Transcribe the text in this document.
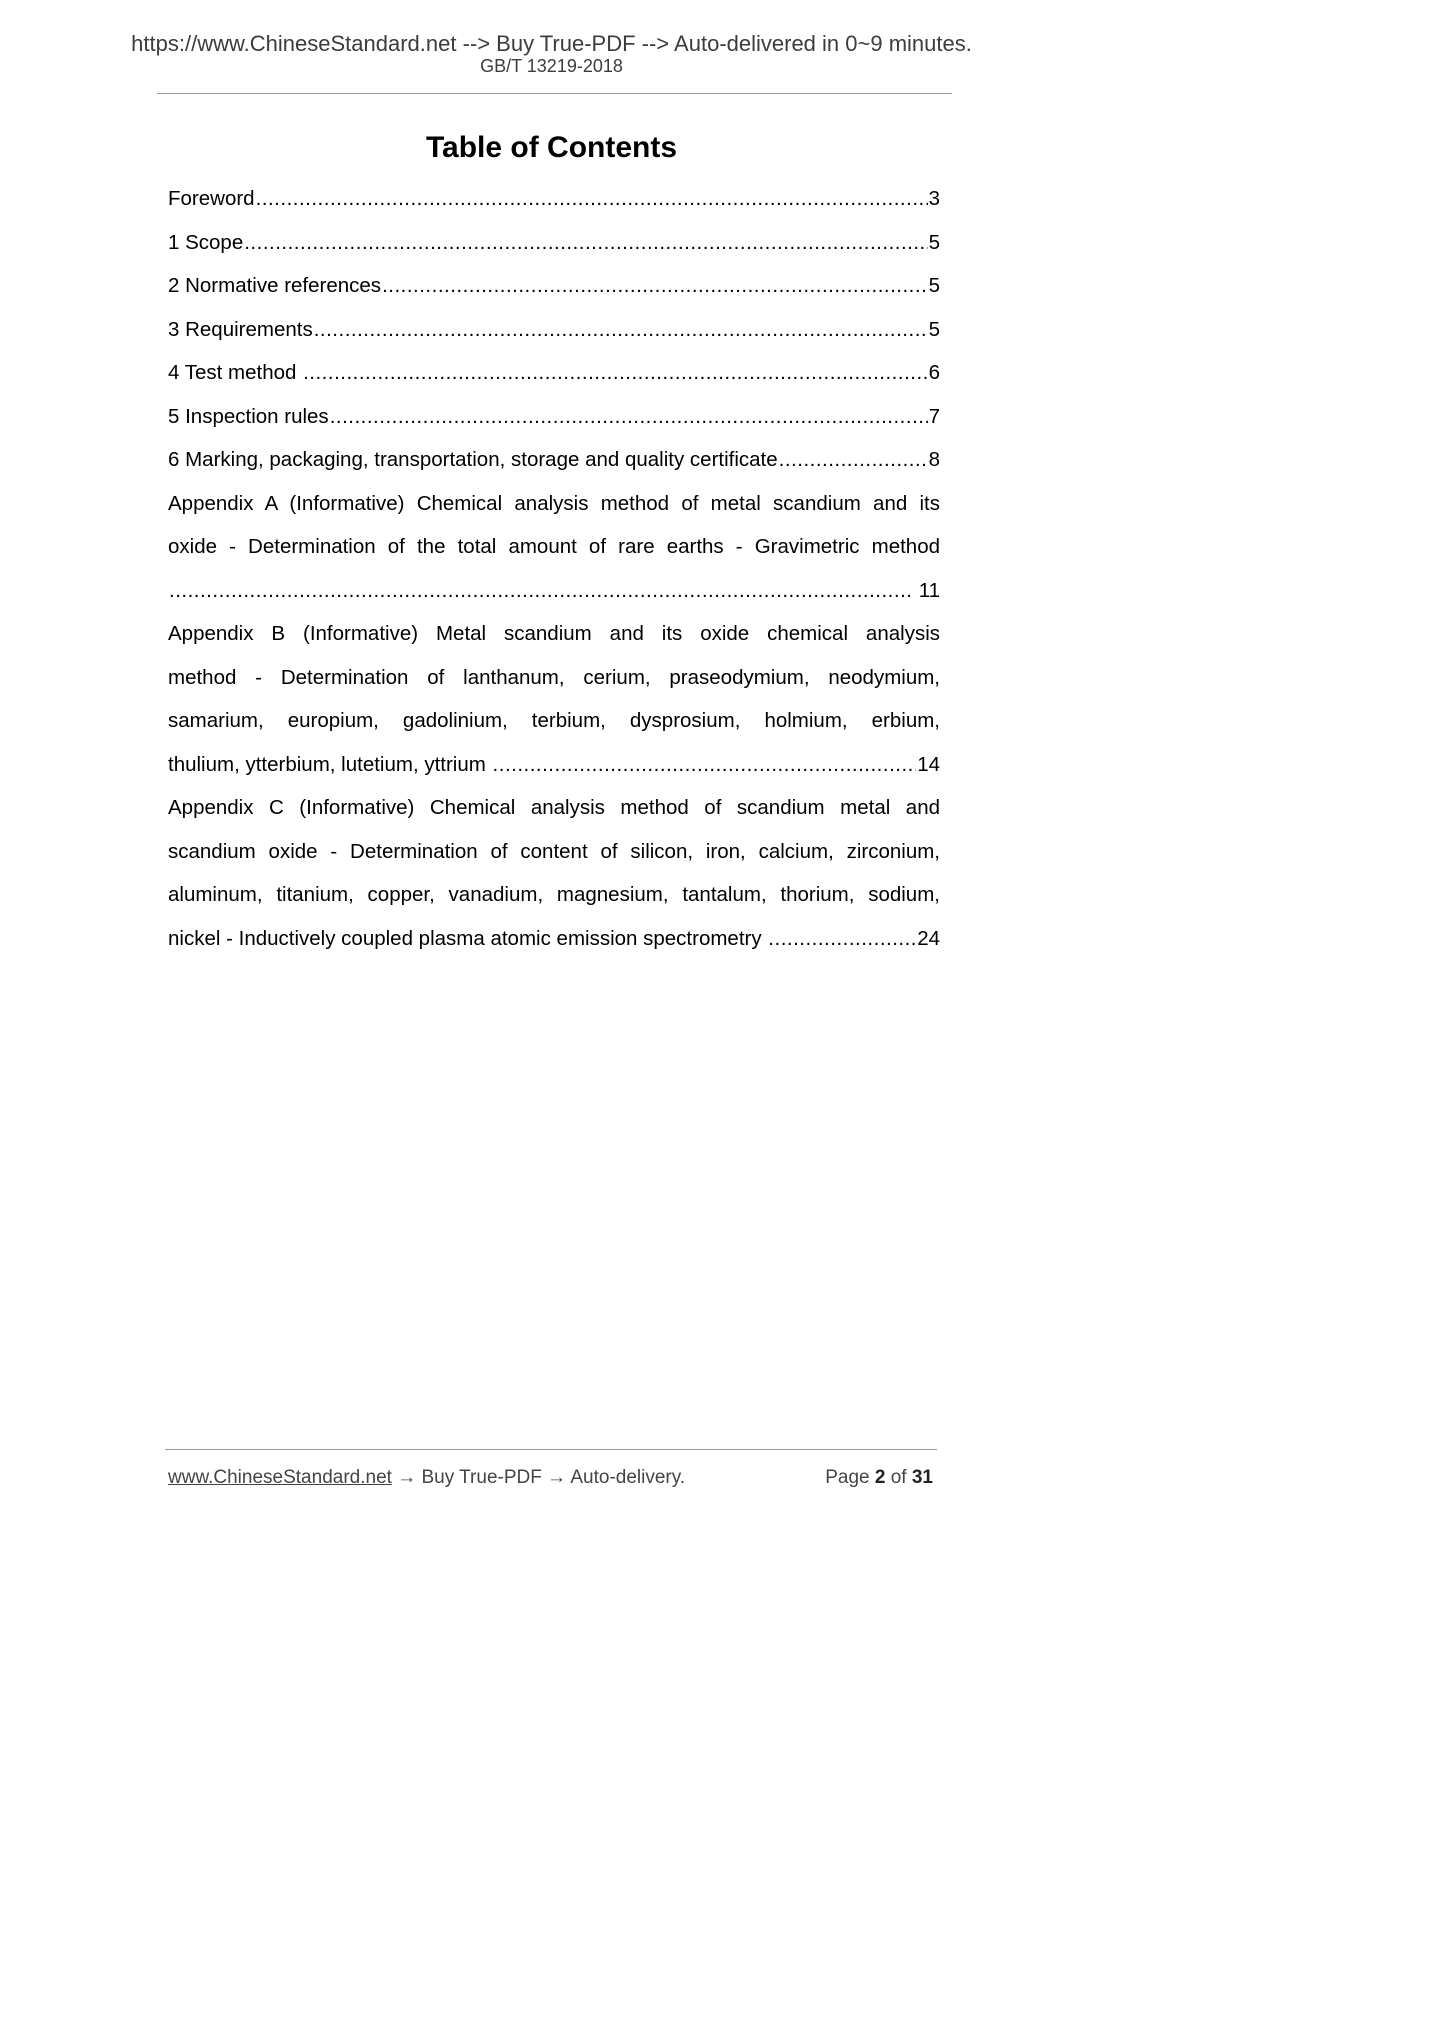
https://www.ChineseStandard.net --> Buy True-PDF --> Auto-delivered in 0~9 minutes.
GB/T 13219-2018
Table of Contents
Foreword
.....	3
1 Scope
.....	5
2 Normative references
.....	5
3 Requirements
.....	5
4 Test method
.....	6
5 Inspection rules
.....	7
6 Marking, packaging, transportation, storage and quality certificate
.....	8
Appendix A (Informative) Chemical analysis method of metal scandium and its
oxide - Determination of the total amount of rare earths - Gravimetric method
.....
11
Appendix B (Informative) Metal scandium and its oxide chemical analysis
method - Determination of lanthanum, cerium, praseodymium, neodymium,
samarium, europium, gadolinium, terbium, dysprosium, holmium, erbium,
thulium, ytterbium, lutetium, yttrium
.....	14
Appendix C (Informative) Chemical analysis method of scandium metal and
scandium oxide - Determination of content of silicon, iron, calcium, zirconium,
aluminum, titanium, copper, vanadium, magnesium, tantalum, thorium, sodium,
nickel - Inductively coupled plasma atomic emission spectrometry
.....	24
www.ChineseStandard.net → Buy True-PDF → Auto-delivery.	Page 2 of 31
